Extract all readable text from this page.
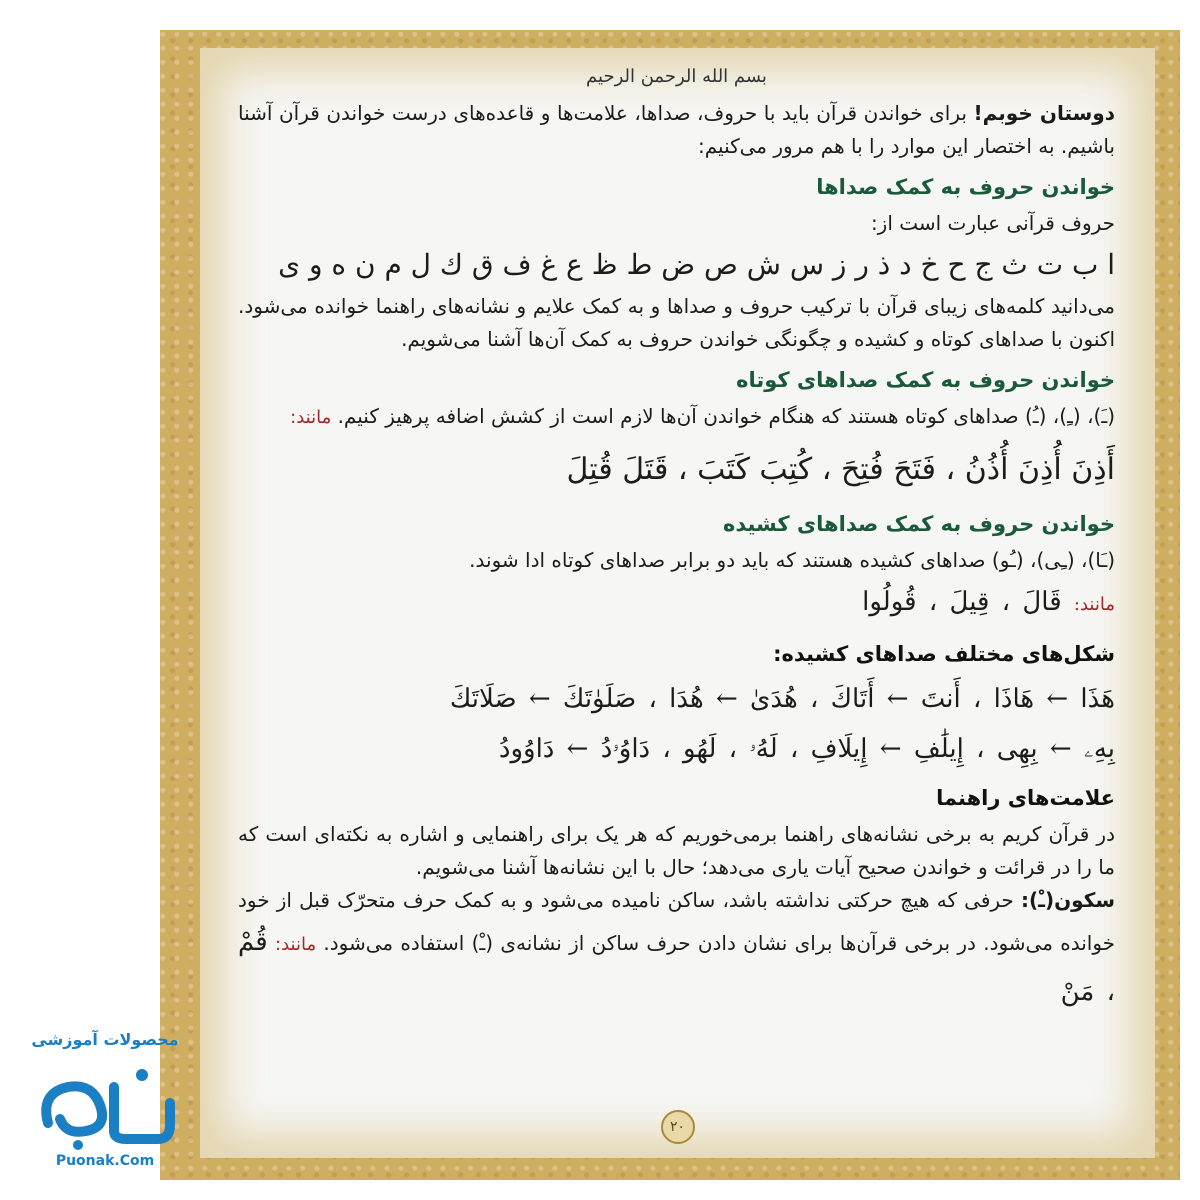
بسم الله الرحمن الرحیم

دوستان خوبم! برای خواندن قرآن باید با حروف، صداها، علامت‌ها و قاعده‌های درست خواندن قرآن آشنا باشیم. به اختصار این موارد را با هم مرور می‌کنیم:

خواندن حروف به کمک صداها

حروف قرآنی عبارت است از:

ا ب ت ث ج ح خ د ذ ر ز س ش ص ض ط ظ ع غ ف ق ك ل م ن ه و ی

می‌دانید کلمه‌های زیبای قرآن با ترکیب حروف و صداها و به کمک علایم و نشانه‌های راهنما خوانده می‌شود. اکنون با صداهای کوتاه و کشیده و چگونگی خواندن حروف به کمک آن‌ها آشنا می‌شویم.

خواندن حروف به کمک صداهای کوتاه

(ـَ)، (ـِ)، (ـُ) صداهای کوتاه هستند که هنگام خواندن آن‌ها لازم است از کشش اضافه پرهیز کنیم. مانند:

أَذِنَ أُذِنَ أُذُنُ ، فَتَحَ فُتِحَ ، كُتِبَ كَتَبَ ، قَتَلَ قُتِلَ
خواندن حروف به کمک صداهای کشیده

(ـَا)، (ـِی)، (ـُو) صداهای کشیده هستند که باید دو برابر صداهای کوتاه ادا شوند.

مانند: قَالَ ، قِيلَ ، قُولُوا
شکل‌های مختلف صداهای کشیده:
هَذَا ← هَاذَا ، أَنتَ ← أَتَاكَ ، هُدَىٰ ← هُدَا ، صَلَوٰتَكَ ← صَلَاتَكَ
بِهِۦ ← بِهِی ، إِيلَٰفِ ← إِيلَافِ ، لَهُۥ ، لَهُو ، دَاوُۥدُ ← دَاوُودُ
علامت‌های راهنما

در قرآن کریم به برخی نشانه‌های راهنما برمی‌خوریم که هر یک برای راهنمایی و اشاره به نکته‌ای است که ما را در قرائت و خواندن صحیح آیات یاری می‌دهد؛ حال با این نشانه‌ها آشنا می‌شویم.

سکون(ـْ): حرفی که هیچ حرکتی نداشته باشد، ساکن نامیده می‌شود و به کمک حرف متحرّک قبل از خود خوانده می‌شود. در برخی قرآن‌ها برای نشان دادن حرف ساکن از نشانه‌ی (ـْ) استفاده می‌شود. مانند: قُمْ ، مَنْ

۲۰
محصولات آموزشی
Puonak.Com
